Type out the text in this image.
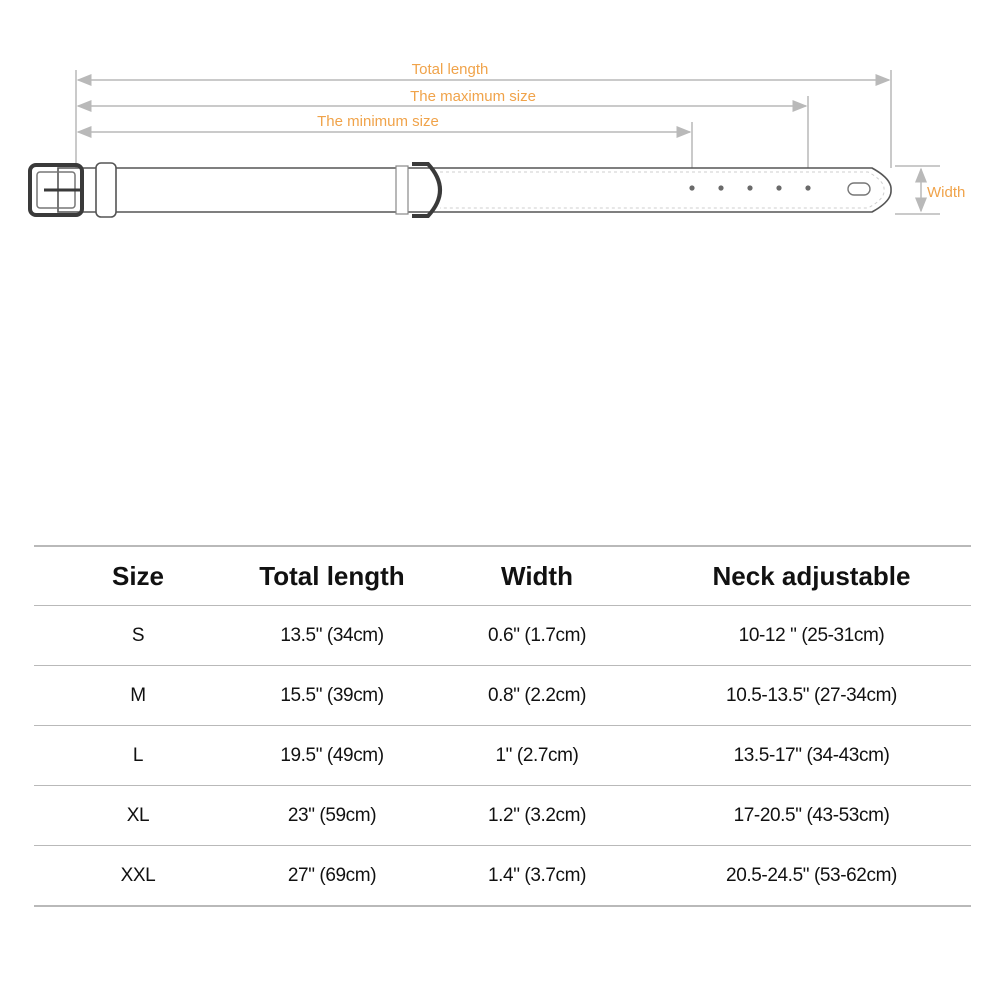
Total length
The maximum size
The minimum size
Width
Size	Total length	Width	Neck adjustable
S	13.5" (34cm)	0.6" (1.7cm)	10-12 " (25-31cm)
M	15.5" (39cm)	0.8" (2.2cm)	10.5-13.5" (27-34cm)
L	19.5" (49cm)	1" (2.7cm)	13.5-17" (34-43cm)
XL	23" (59cm)	1.2" (3.2cm)	17-20.5" (43-53cm)
XXL	27" (69cm)	1.4" (3.7cm)	20.5-24.5" (53-62cm)
